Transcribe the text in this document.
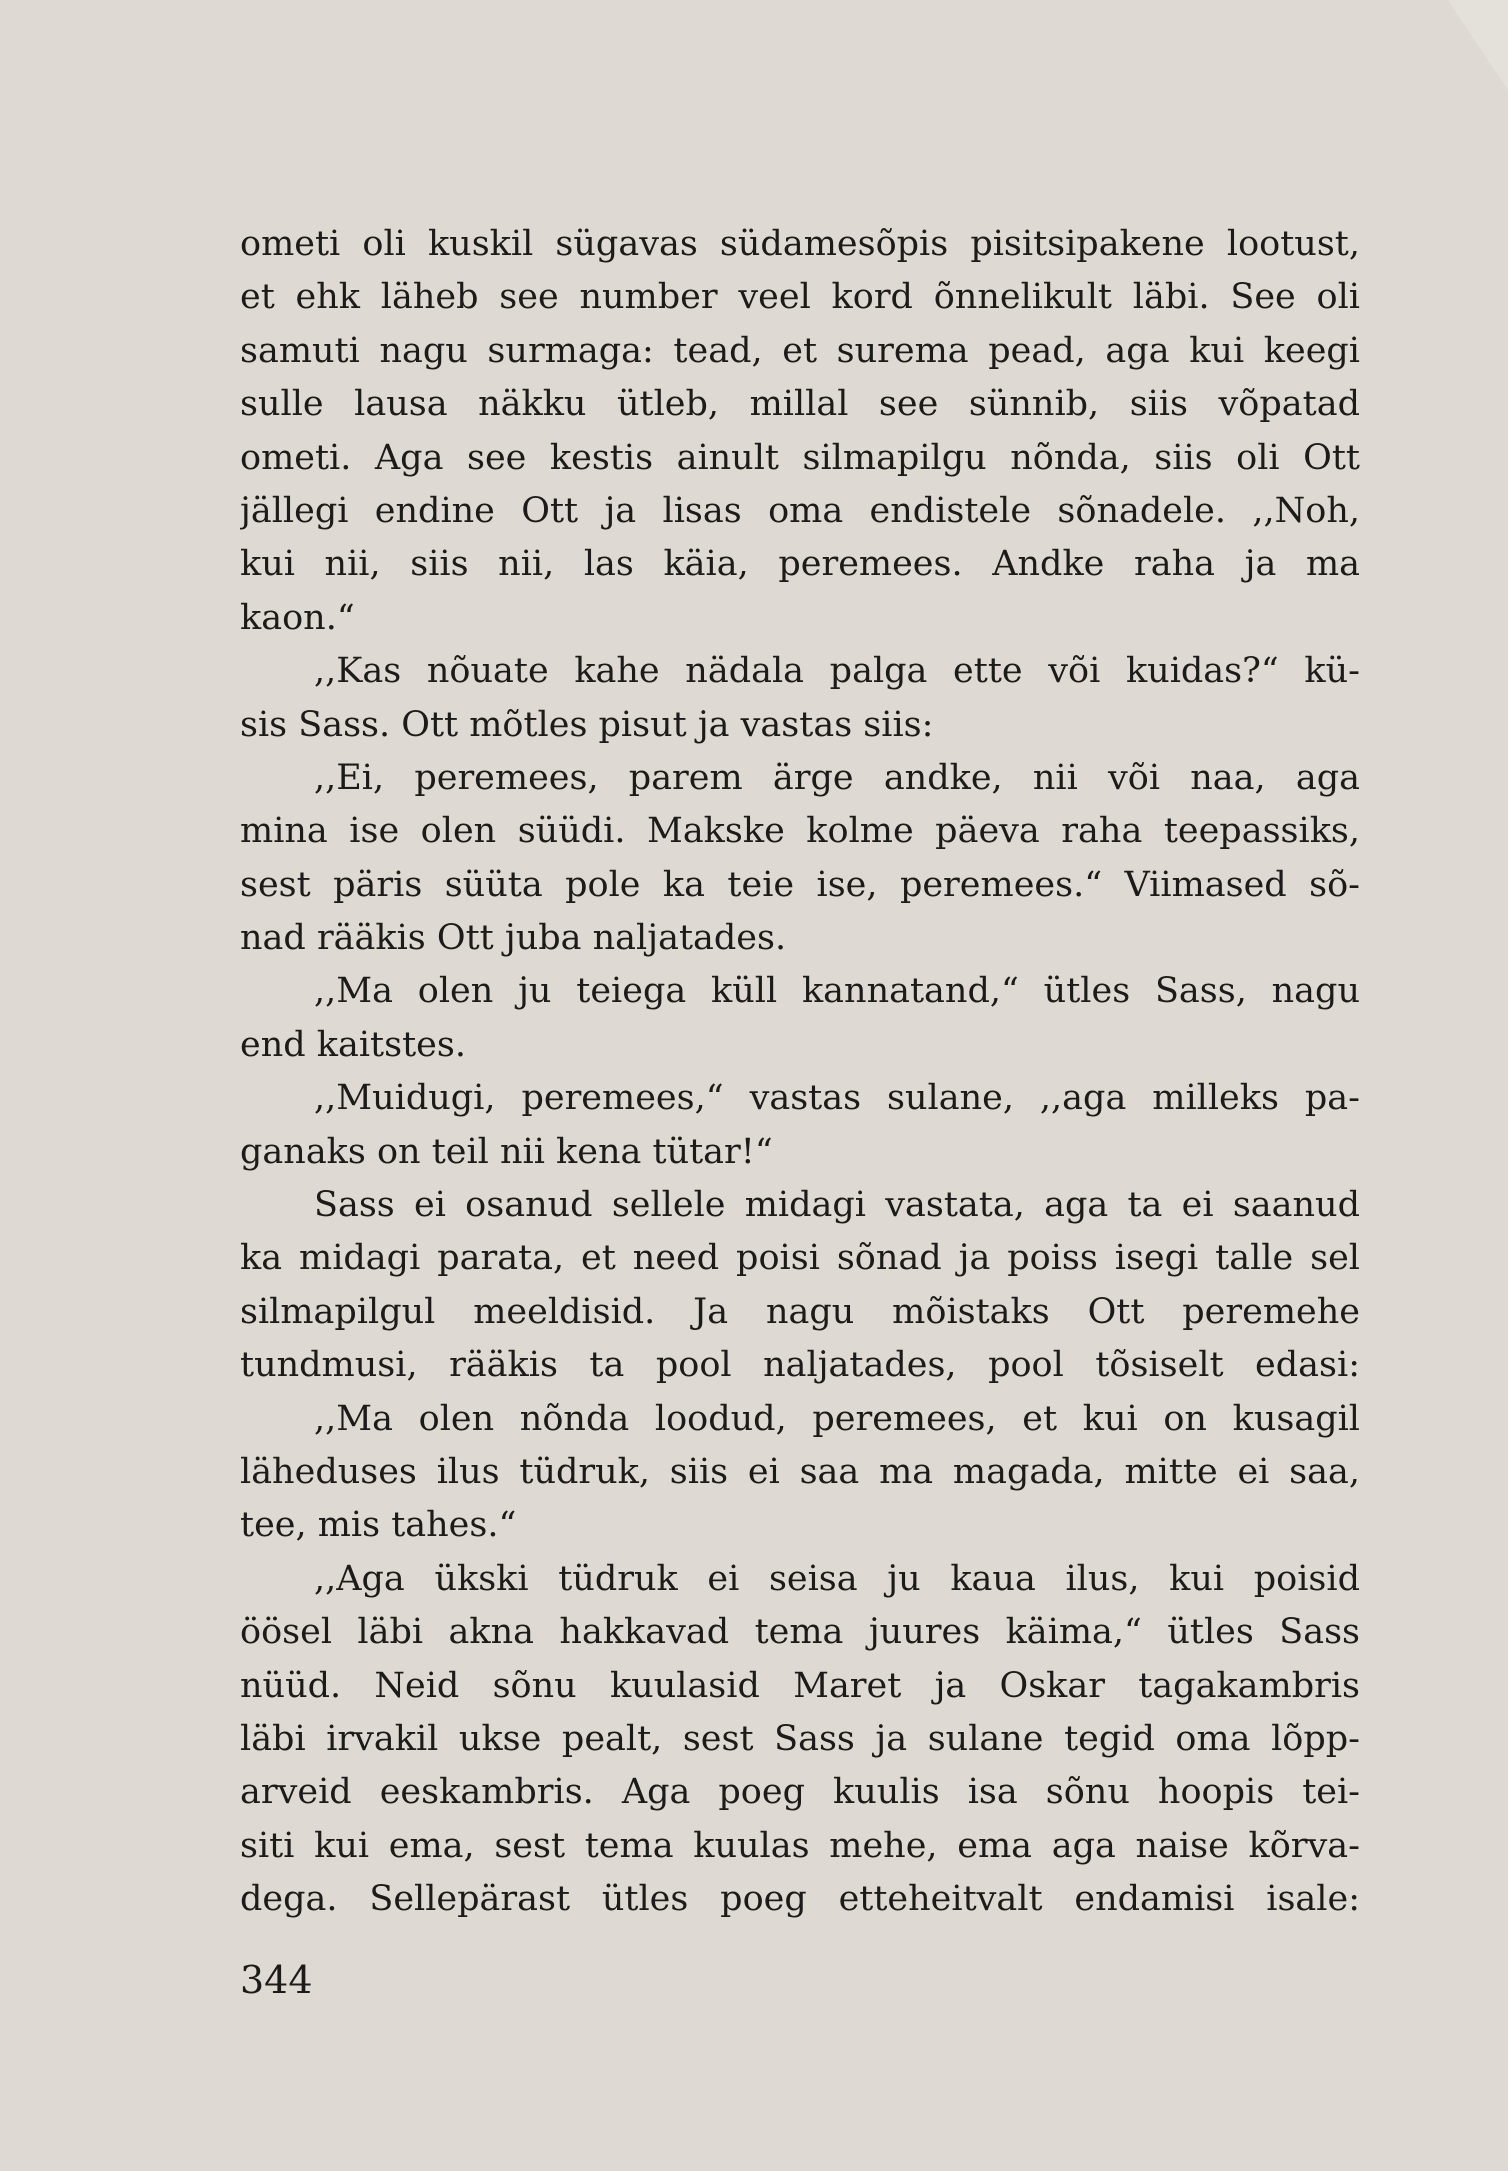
ometi oli kuskil sügavas südamesõpis pisitsipakene lootust,
et ehk läheb see number veel kord õnnelikult läbi. See oli
samuti nagu surmaga: tead, et surema pead, aga kui keegi
sulle lausa näkku ütleb, millal see sünnib, siis võpatad
ometi. Aga see kestis ainult silmapilgu nõnda, siis oli Ott
jällegi endine Ott ja lisas oma endistele sõnadele. ,,Noh,
kui nii, siis nii, las käia, peremees. Andke raha ja ma
kaon.“
,,Kas nõuate kahe nädala palga ette või kuidas?“ kü-
sis Sass. Ott mõtles pisut ja vastas siis:
,,Ei, peremees, parem ärge andke, nii või naa, aga
mina ise olen süüdi. Makske kolme päeva raha teepassiks,
sest päris süüta pole ka teie ise, peremees.“ Viimased sõ-
nad rääkis Ott juba naljatades.
,,Ma olen ju teiega küll kannatand,“ ütles Sass, nagu
end kaitstes.
,,Muidugi, peremees,“ vastas sulane, ,,aga milleks pa-
ganaks on teil nii kena tütar!“
Sass ei osanud sellele midagi vastata, aga ta ei saanud
ka midagi parata, et need poisi sõnad ja poiss isegi talle sel
silmapilgul meeldisid. Ja nagu mõistaks Ott peremehe
tundmusi, rääkis ta pool naljatades, pool tõsiselt edasi:
,,Ma olen nõnda loodud, peremees, et kui on kusagil
läheduses ilus tüdruk, siis ei saa ma magada, mitte ei saa,
tee, mis tahes.“
,,Aga ükski tüdruk ei seisa ju kaua ilus, kui poisid
öösel läbi akna hakkavad tema juures käima,“ ütles Sass
nüüd. Neid sõnu kuulasid Maret ja Oskar tagakambris
läbi irvakil ukse pealt, sest Sass ja sulane tegid oma lõpp-
arveid eeskambris. Aga poeg kuulis isa sõnu hoopis tei-
siti kui ema, sest tema kuulas mehe, ema aga naise kõrva-
dega. Sellepärast ütles poeg etteheitvalt endamisi isale:
344
